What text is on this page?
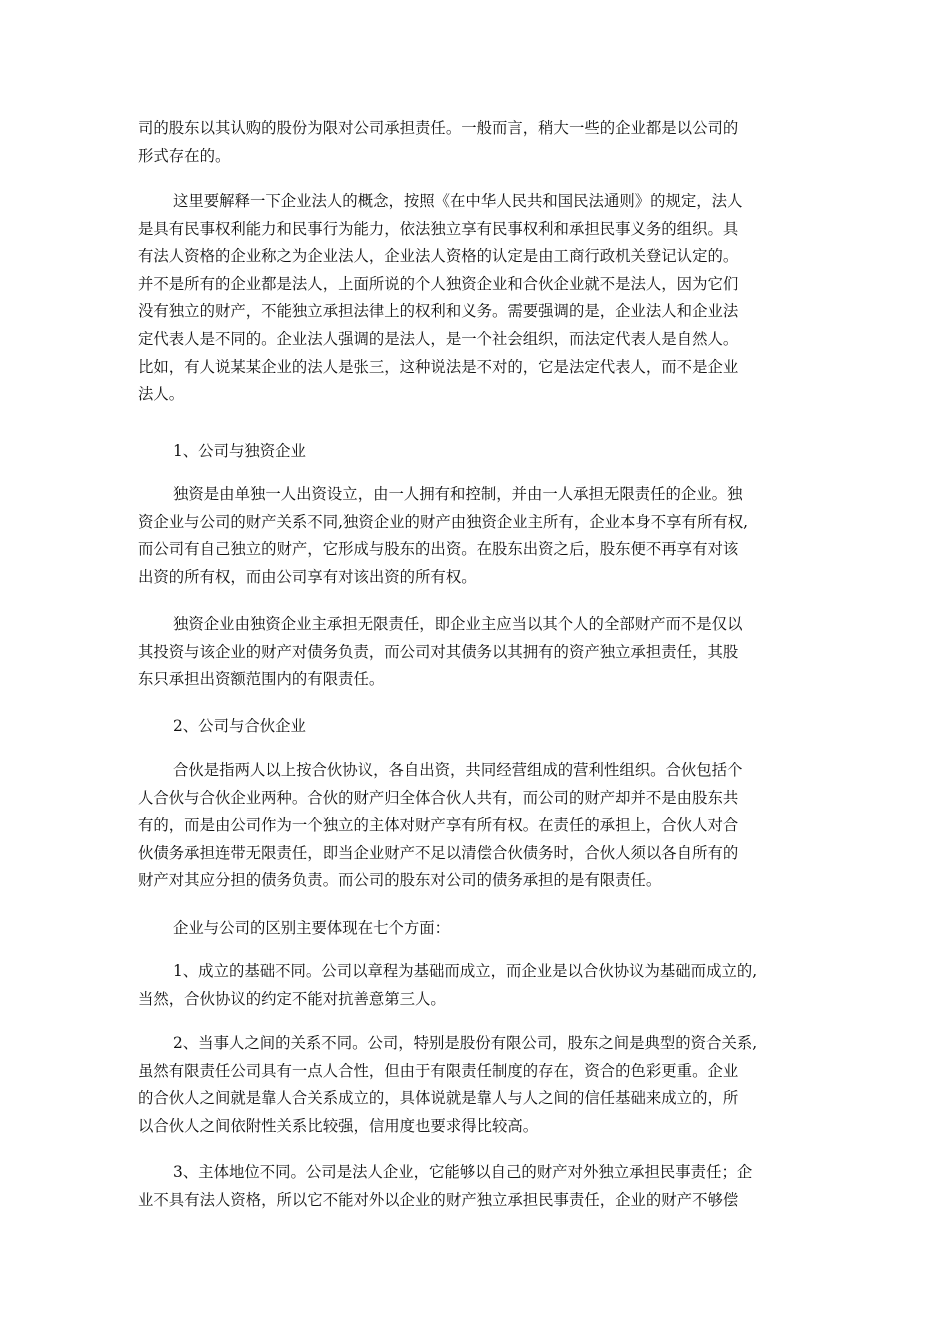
司的股东以其认购的股份为限对公司承担责任。一般而言，稍大一些的企业都是以公司的
形式存在的。
这里要解释一下企业法人的概念，按照《在中华人民共和国民法通则》的规定，法人
是具有民事权利能力和民事行为能力，依法独立享有民事权利和承担民事义务的组织。具
有法人资格的企业称之为企业法人，企业法人资格的认定是由工商行政机关登记认定的。
并不是所有的企业都是法人，上面所说的个人独资企业和合伙企业就不是法人，因为它们
没有独立的财产，不能独立承担法律上的权利和义务。需要强调的是，企业法人和企业法
定代表人是不同的。企业法人强调的是法人，是一个社会组织，而法定代表人是自然人。
比如，有人说某某企业的法人是张三，这种说法是不对的，它是法定代表人，而不是企业
法人。
1、公司与独资企业
独资是由单独一人出资设立，由一人拥有和控制，并由一人承担无限责任的企业。独
资企业与公司的财产关系不同,独资企业的财产由独资企业主所有，企业本身不享有所有权,
而公司有自己独立的财产，它形成与股东的出资。在股东出资之后，股东便不再享有对该
出资的所有权，而由公司享有对该出资的所有权。
独资企业由独资企业主承担无限责任，即企业主应当以其个人的全部财产而不是仅以
其投资与该企业的财产对债务负责，而公司对其债务以其拥有的资产独立承担责任，其股
东只承担出资额范围内的有限责任。
2、公司与合伙企业
合伙是指两人以上按合伙协议，各自出资，共同经营组成的营利性组织。合伙包括个
人合伙与合伙企业两种。合伙的财产归全体合伙人共有，而公司的财产却并不是由股东共
有的，而是由公司作为一个独立的主体对财产享有所有权。在责任的承担上，合伙人对合
伙债务承担连带无限责任，即当企业财产不足以清偿合伙债务时，合伙人须以各自所有的
财产对其应分担的债务负责。而公司的股东对公司的债务承担的是有限责任。
企业与公司的区别主要体现在七个方面：
1、成立的基础不同。公司以章程为基础而成立，而企业是以合伙协议为基础而成立的,
当然，合伙协议的约定不能对抗善意第三人。
2、当事人之间的关系不同。公司，特别是股份有限公司，股东之间是典型的资合关系,
虽然有限责任公司具有一点人合性，但由于有限责任制度的存在，资合的色彩更重。企业
的合伙人之间就是靠人合关系成立的，具体说就是靠人与人之间的信任基础来成立的，所
以合伙人之间依附性关系比较强，信用度也要求得比较高。
3、主体地位不同。公司是法人企业，它能够以自己的财产对外独立承担民事责任；企
业不具有法人资格，所以它不能对外以企业的财产独立承担民事责任，企业的财产不够偿
